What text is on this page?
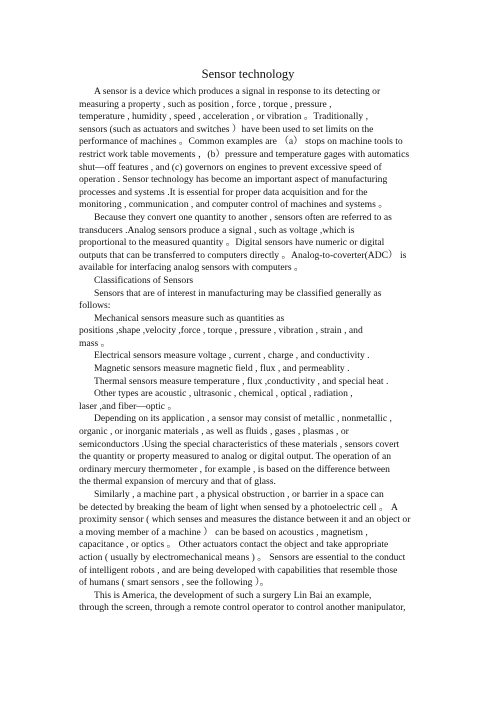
Sensor technology
A sensor is a device which produces a signal in response to its detecting or
measuring a property , such as position , force , torque , pressure ,
temperature , humidity , speed , acceleration , or vibration 。Traditionally ,
sensors (such as actuators and switches ）have been used to set limits on the
performance of machines 。Common examples are （a） stops on machine tools to
restrict work table movements ，(b）pressure and temperature gages with automatics
shut—off features , and (c) governors on engines to prevent excessive speed of
operation . Sensor technology has become an important aspect of manufacturing
processes and systems .It is essential for proper data acquisition and for the
monitoring , communication , and computer control of machines and systems 。
Because they convert one quantity to another , sensors often are referred to as
transducers .Analog sensors produce a signal , such as voltage ,which is
proportional to the measured quantity 。Digital sensors have numeric or digital
outputs that can be transferred to computers directly 。Analog-to-coverter(ADC） is
available for interfacing analog sensors with computers 。
Classifications of Sensors
Sensors that are of interest in manufacturing may be classified generally as
follows:
Mechanical sensors measure such as quantities as
positions ,shape ,velocity ,force , torque , pressure , vibration , strain , and
mass 。
Electrical sensors measure voltage , current , charge , and conductivity .
Magnetic sensors measure magnetic field , flux , and permeablity .
Thermal sensors measure temperature , flux ,conductivity , and special heat .
Other types are acoustic , ultrasonic , chemical , optical , radiation ,
laser ,and fiber—optic 。
Depending on its application , a sensor may consist of metallic , nonmetallic ,
organic , or inorganic materials , as well as fluids , gases , plasmas , or
semiconductors .Using the special characteristics of these materials , sensors covert
the quantity or property measured to analog or digital output. The operation of an
ordinary mercury thermometer , for example , is based on the difference between
the thermal expansion of mercury and that of glass.
Similarly , a machine part , a physical obstruction , or barrier in a space can
be detected by breaking the beam of light when sensed by a photoelectric cell 。 A
proximity sensor ( which senses and measures the distance between it and an object or
a moving member of a machine ） can be based on acoustics , magnetism ,
capacitance , or optics 。 Other actuators contact the object and take appropriate
action ( usually by electromechanical means ) 。 Sensors are essential to the conduct
of intelligent robots , and are being developed with capabilities that resemble those
of humans ( smart sensors , see the following ）。
This is America, the development of such a surgery Lin Bai an example,
through the screen, through a remote control operator to control another manipulator,
